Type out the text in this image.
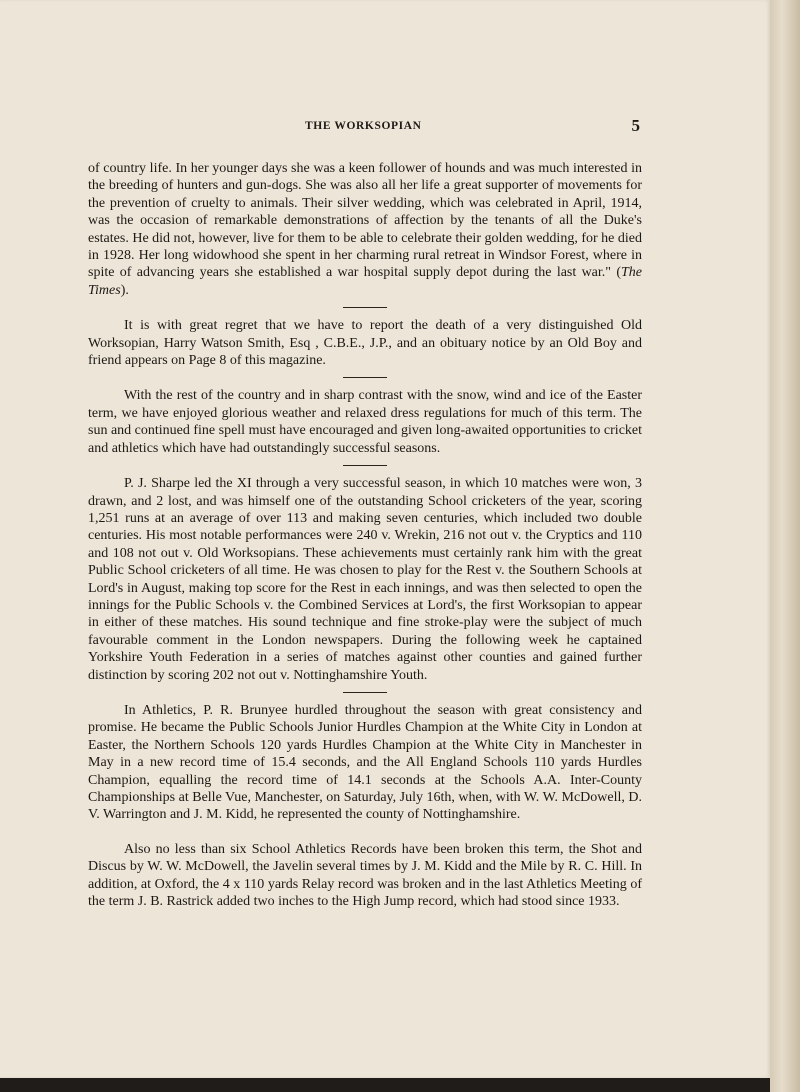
THE WORKSOPIAN	5

of country life. In her younger days she was a keen follower of hounds and was much interested in the breeding of hunters and gun-dogs. She was also all her life a great supporter of movements for the prevention of cruelty to animals. Their silver wedding, which was celebrated in April, 1914, was the occasion of remarkable demonstrations of affection by the tenants of all the Duke's estates. He did not, however, live for them to be able to celebrate their golden wedding, for he died in 1928. Her long widowhood she spent in her charming rural retreat in Windsor Forest, where in spite of advancing years she established a war hospital supply depot during the last war." (The Times).

It is with great regret that we have to report the death of a very distinguished Old Worksopian, Harry Watson Smith, Esq , C.B.E., J.P., and an obituary notice by an Old Boy and friend appears on Page 8 of this magazine.

With the rest of the country and in sharp contrast with the snow, wind and ice of the Easter term, we have enjoyed glorious weather and relaxed dress regulations for much of this term. The sun and continued fine spell must have encouraged and given long-awaited opportunities to cricket and athletics which have had outstandingly successful seasons.

P. J. Sharpe led the XI through a very successful season, in which 10 matches were won, 3 drawn, and 2 lost, and was himself one of the outstanding School cricketers of the year, scoring 1,251 runs at an average of over 113 and making seven centuries, which included two double centuries. His most notable performances were 240 v. Wrekin, 216 not out v. the Cryptics and 110 and 108 not out v. Old Worksopians. These achievements must certainly rank him with the great Public School cricketers of all time. He was chosen to play for the Rest v. the Southern Schools at Lord's in August, making top score for the Rest in each innings, and was then selected to open the innings for the Public Schools v. the Combined Services at Lord's, the first Worksopian to appear in either of these matches. His sound technique and fine stroke-play were the subject of much favourable comment in the London newspapers. During the following week he captained Yorkshire Youth Federation in a series of matches against other counties and gained further distinction by scoring 202 not out v. Nottinghamshire Youth.

In Athletics, P. R. Brunyee hurdled throughout the season with great consistency and promise. He became the Public Schools Junior Hurdles Champion at the White City in London at Easter, the Northern Schools 120 yards Hurdles Champion at the White City in Manchester in May in a new record time of 15.4 seconds, and the All England Schools 110 yards Hurdles Champion, equalling the record time of 14.1 seconds at the Schools A.A. Inter-County Championships at Belle Vue, Manchester, on Saturday, July 16th, when, with W. W. McDowell, D. V. Warrington and J. M. Kidd, he represented the county of Nottinghamshire.

Also no less than six School Athletics Records have been broken this term, the Shot and Discus by W. W. McDowell, the Javelin several times by J. M. Kidd and the Mile by R. C. Hill. In addition, at Oxford, the 4 x 110 yards Relay record was broken and in the last Athletics Meeting of the term J. B. Rastrick added two inches to the High Jump record, which had stood since 1933.
